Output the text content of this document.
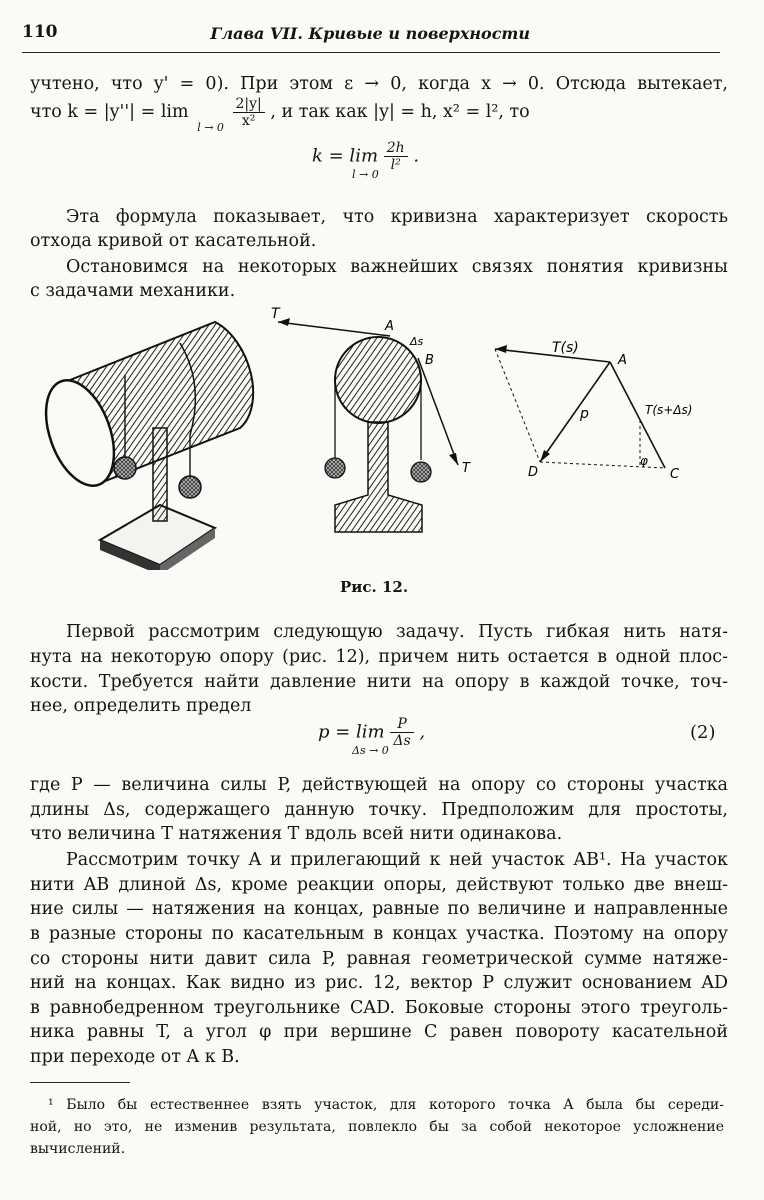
110	Глава VII. Кривые и поверхности
учтено, что y' = 0). При этом ε → 0, когда x → 0. Отсюда вытекает,
что k = |y''| = lim
l → 0
$\frac{2|y|}{\text{x²}}$ , и так как |y| = h, x² = l², то
$k = \lim \frac{2h}{\text{l²}}$ .
l → 0
Эта формула показывает, что кривизна характеризует скорость
отхода кривой от касательной.
Остановимся на некоторых важнейших связях понятия кривизны
с задачами механики.
T
A
Δs
B
T
T(s)
A
p	T(s+Δs)
D
φ
C
Рис. 12.
Первой рассмотрим следующую задачу. Пусть гибкая нить натя-
нута на некоторую опору (рис. 12), причем нить остается в одной плос-
кости. Требуется найти давление нити на опору в каждой точке, точ-
нее, определить предел
$p = \lim \frac{P}{\Delta s}$ ,
Δs → 0
(2)
где P — величина силы P, действующей на опору со стороны участка
длины Δs, содержащего данную точку. Предположим для простоты,
что величина T натяжения T вдоль всей нити одинакова.
Рассмотрим точку A и прилегающий к ней участок AB¹. На участок
нити AB длиной Δs, кроме реакции опоры, действуют только две внеш-
ние силы — натяжения на концах, равные по величине и направленные
в разные стороны по касательным в концах участка. Поэтому на опору
со стороны нити давит сила P, равная геометрической сумме натяже-
ний на концах. Как видно из рис. 12, вектор P служит основанием AD
в равнобедренном треугольнике CAD. Боковые стороны этого треуголь-
ника равны T, а угол φ при вершине C равен повороту касательной
при переходе от A к B.
¹ Было бы естественнее взять участок, для которого точка A была бы середи-
ной, но это, не изменив результата, повлекло бы за собой некоторое усложнение
вычислений.
